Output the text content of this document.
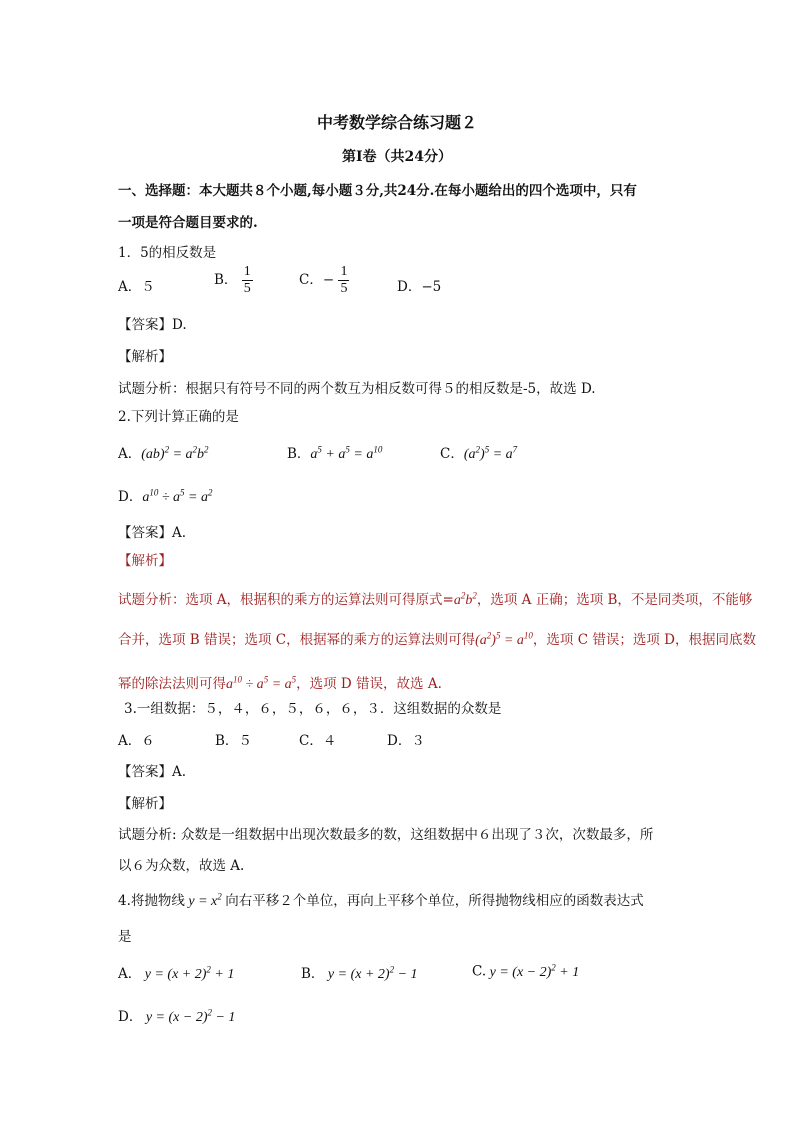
中考数学综合练习题２
第Ⅰ卷（共24分）
一、选择题：本大题共８个小题,每小题３分,共24分.在每小题给出的四个选项中，只有
一项是符合题目要求的.
1．5的相反数是
A．５	B． $\frac{1}{5}$	C．− $\frac{1}{5}$	D．−5
【答案】D.
【解析】
试题分析：根据只有符号不同的两个数互为相反数可得５的相反数是-5，故选 D.
2.下列计算正确的是
A．$(ab)^2 = a^2b^2$	B．$a^5 + a^5 = a^{10}$	C．$(a^2)^5 = a^7$
D．$a^{10} \div a^5 = a^2$
【答案】A.
【解析】
试题分析：选项 A，根据积的乘方的运算法则可得原式$=a^2b^2$，选项 A 正确；选项 B，不是同类项，不能够
合并，选项 B 错误；选项 C，根据幂的乘方的运算法则可得$(a^2)^5 = a^{10}$，选项 C 错误；选项 D，根据同底数
幂的除法法则可得$a^{10} \div a^5 = a^5$，选项 D 错误，故选 A.
3.一组数据：５，４，６，５，６，６，３．这组数据的众数是
A．６	B．５	C．４	D．３
【答案】A.
【解析】
试题分析: 众数是一组数据中出现次数最多的数，这组数据中６出现了３次，次数最多，所
以６为众数，故选 A.
4.将抛物线 $y = x^2$ 向右平移２个单位，再向上平移个单位，所得抛物线相应的函数表达式
是
A． $y = (x + 2)^2 + 1$	B． $y = (x + 2)^2 - 1$	C. $y = (x - 2)^2 + 1$
D． $y = (x - 2)^2 - 1$
